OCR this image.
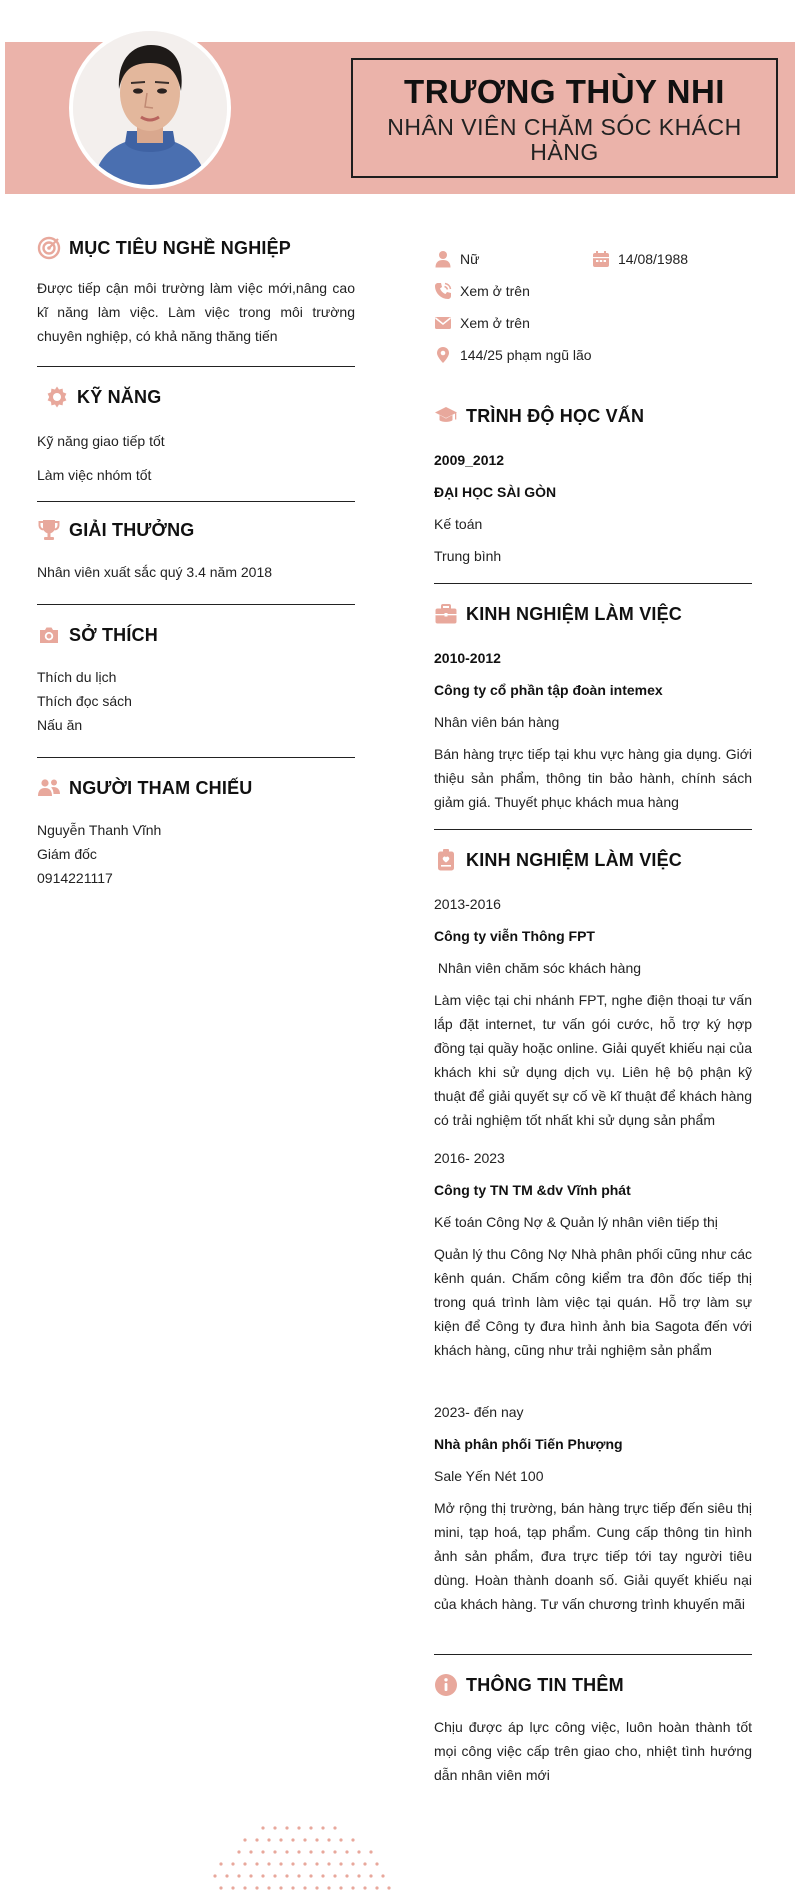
TRƯƠNG THÙY NHI
NHÂN VIÊN CHĂM SÓC KHÁCH HÀNG
MỤC TIÊU NGHỀ NGHIỆP
Được tiếp cận môi trường làm việc mới,nâng cao kĩ năng làm việc. Làm việc trong môi trường chuyên nghiệp, có khả năng thăng tiến
KỸ NĂNG
Kỹ năng giao tiếp tốt
Làm việc nhóm tốt
GIẢI THƯỞNG
Nhân viên xuất sắc quý 3.4 năm 2018
SỞ THÍCH
Thích du lịch
Thích đọc sách
Nấu ăn
NGƯỜI THAM CHIẾU
Nguyễn Thanh Vĩnh
Giám đốc
0914221117
Nữ	14/08/1988
Xem ở trên
Xem ở trên
144/25 phạm ngũ lão
TRÌNH ĐỘ HỌC VẤN
2009_2012
ĐẠI HỌC SÀI GÒN
Kế toán
Trung bình
KINH NGHIỆM LÀM VIỆC
2010-2012
Công ty cổ phần tập đoàn intemex
Nhân viên bán hàng
Bán hàng trực tiếp tại khu vực hàng gia dụng. Giới thiệu sản phẩm, thông tin bảo hành, chính sách giảm giá. Thuyết phục khách mua hàng
KINH NGHIỆM LÀM VIỆC
2013-2016
Công ty viễn Thông FPT
Nhân viên chăm sóc khách hàng
Làm việc tại chi nhánh FPT, nghe điện thoại tư vấn lắp đặt internet, tư vấn gói cước, hỗ trợ ký hợp đồng tại quầy hoặc online. Giải quyết khiếu nại của khách khi sử dụng dịch vụ. Liên hệ bộ phận kỹ thuật để giải quyết sự cố về kĩ thuật để khách hàng có trải nghiệm tốt nhất khi sử dụng sản phẩm
2016- 2023
Công ty TN TM &dv Vĩnh phát
Kế toán Công Nợ & Quản lý nhân viên tiếp thị
Quản lý thu Công Nợ Nhà phân phối cũng như các kênh quán. Chấm công kiểm tra đôn đốc tiếp thị trong quá trình làm việc tại quán. Hỗ trợ làm sự kiện để Công ty đưa hình ảnh bia Sagota đến với khách hàng, cũng như trải nghiệm sản phẩm
2023- đến nay
Nhà phân phối Tiến Phượng
Sale Yến Nét 100
Mở rộng thị trường, bán hàng trực tiếp đến siêu thị mini, tạp hoá, tạp phẩm. Cung cấp thông tin hình ảnh sản phẩm, đưa trực tiếp tới tay người tiêu dùng. Hoàn thành doanh số. Giải quyết khiếu nại của khách hàng. Tư vấn chương trình khuyến mãi
THÔNG TIN THÊM
Chịu được áp lực công việc, luôn hoàn thành tốt mọi công việc cấp trên giao cho, nhiệt tình hướng dẫn nhân viên mới
